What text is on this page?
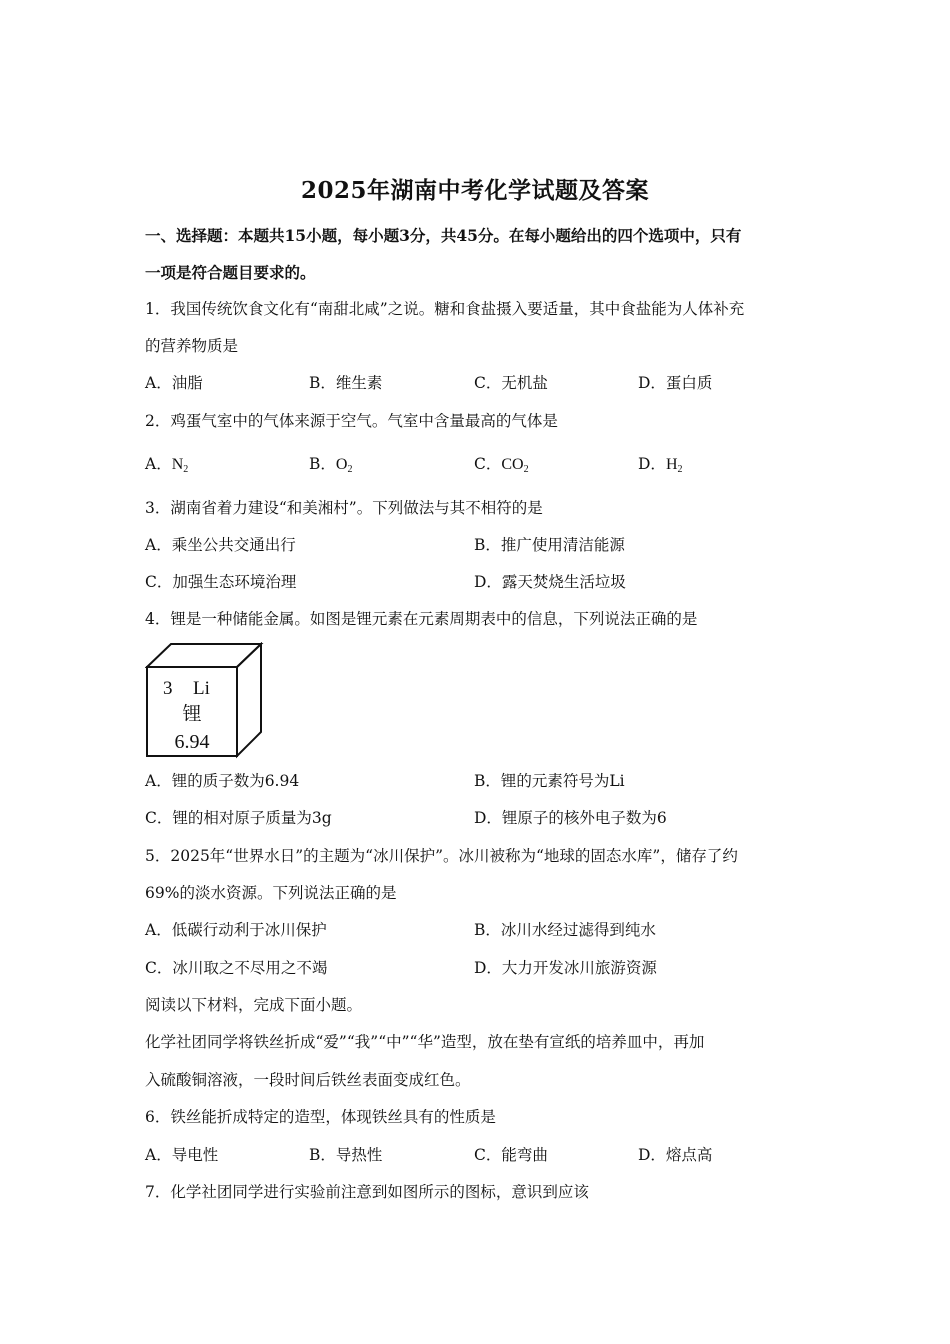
2025年湖南中考化学试题及答案
一、选择题：本题共15小题，每小题3分，共45分。在每小题给出的四个选项中，只有
一项是符合题目要求的。
1．我国传统饮食文化有“南甜北咸”之说。糖和食盐摄入要适量，其中食盐能为人体补充
的营养物质是
A．油脂	B．维生素	C．无机盐	D．蛋白质
2．鸡蛋气室中的气体来源于空气。气室中含量最高的气体是
A．$N_2$	B．$O_2$	C．$CO_2$	D．$H_2$
3．湖南省着力建设“和美湘村”。下列做法与其不相符的是
A．乘坐公共交通出行	B．推广使用清洁能源
C．加强生态环境治理	D．露天焚烧生活垃圾
4．锂是一种储能金属。如图是锂元素在元素周期表中的信息，下列说法正确的是
3 Li
锂
6.94
A．锂的质子数为6.94	B．锂的元素符号为Li
C．锂的相对原子质量为3g	D．锂原子的核外电子数为6
5．2025年“世界水日”的主题为“冰川保护”。冰川被称为“地球的固态水库”，储存了约
69%的淡水资源。下列说法正确的是
A．低碳行动利于冰川保护	B．冰川水经过滤得到纯水
C．冰川取之不尽用之不竭	D．大力开发冰川旅游资源
阅读以下材料，完成下面小题。
化学社团同学将铁丝折成“爱”“我”“中”“华”造型，放在垫有宣纸的培养皿中，再加
入硫酸铜溶液，一段时间后铁丝表面变成红色。
6．铁丝能折成特定的造型，体现铁丝具有的性质是
A．导电性	B．导热性	C．能弯曲	D．熔点高
7．化学社团同学进行实验前注意到如图所示的图标，意识到应该
